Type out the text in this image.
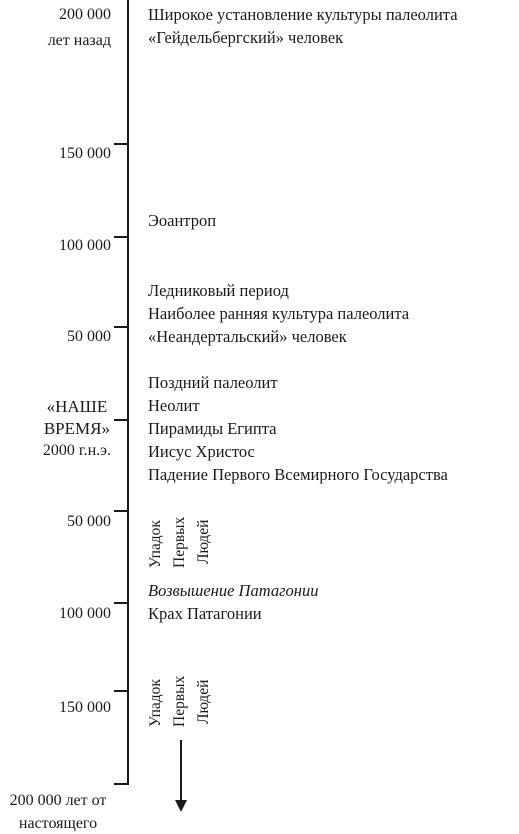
200 000
лет назад
150 000
100 000
50 000
«НАШЕ
ВРЕМЯ»
2000 г.н.э.
50 000
100 000
150 000
200 000 лет от
настоящего
Широкое установление культуры палеолита
«Гейдельбергский» человек
Эоантроп
Ледниковый период
Наиболее ранняя культура палеолита
«Неандертальский» человек
Поздний палеолит
Неолит
Пирамиды Египта
Иисус Христос
Падение Первого Всемирного Государства
Возвышение Патагонии
Крах Патагонии
Упадок Первых Людей
Упадок Первых Людей
